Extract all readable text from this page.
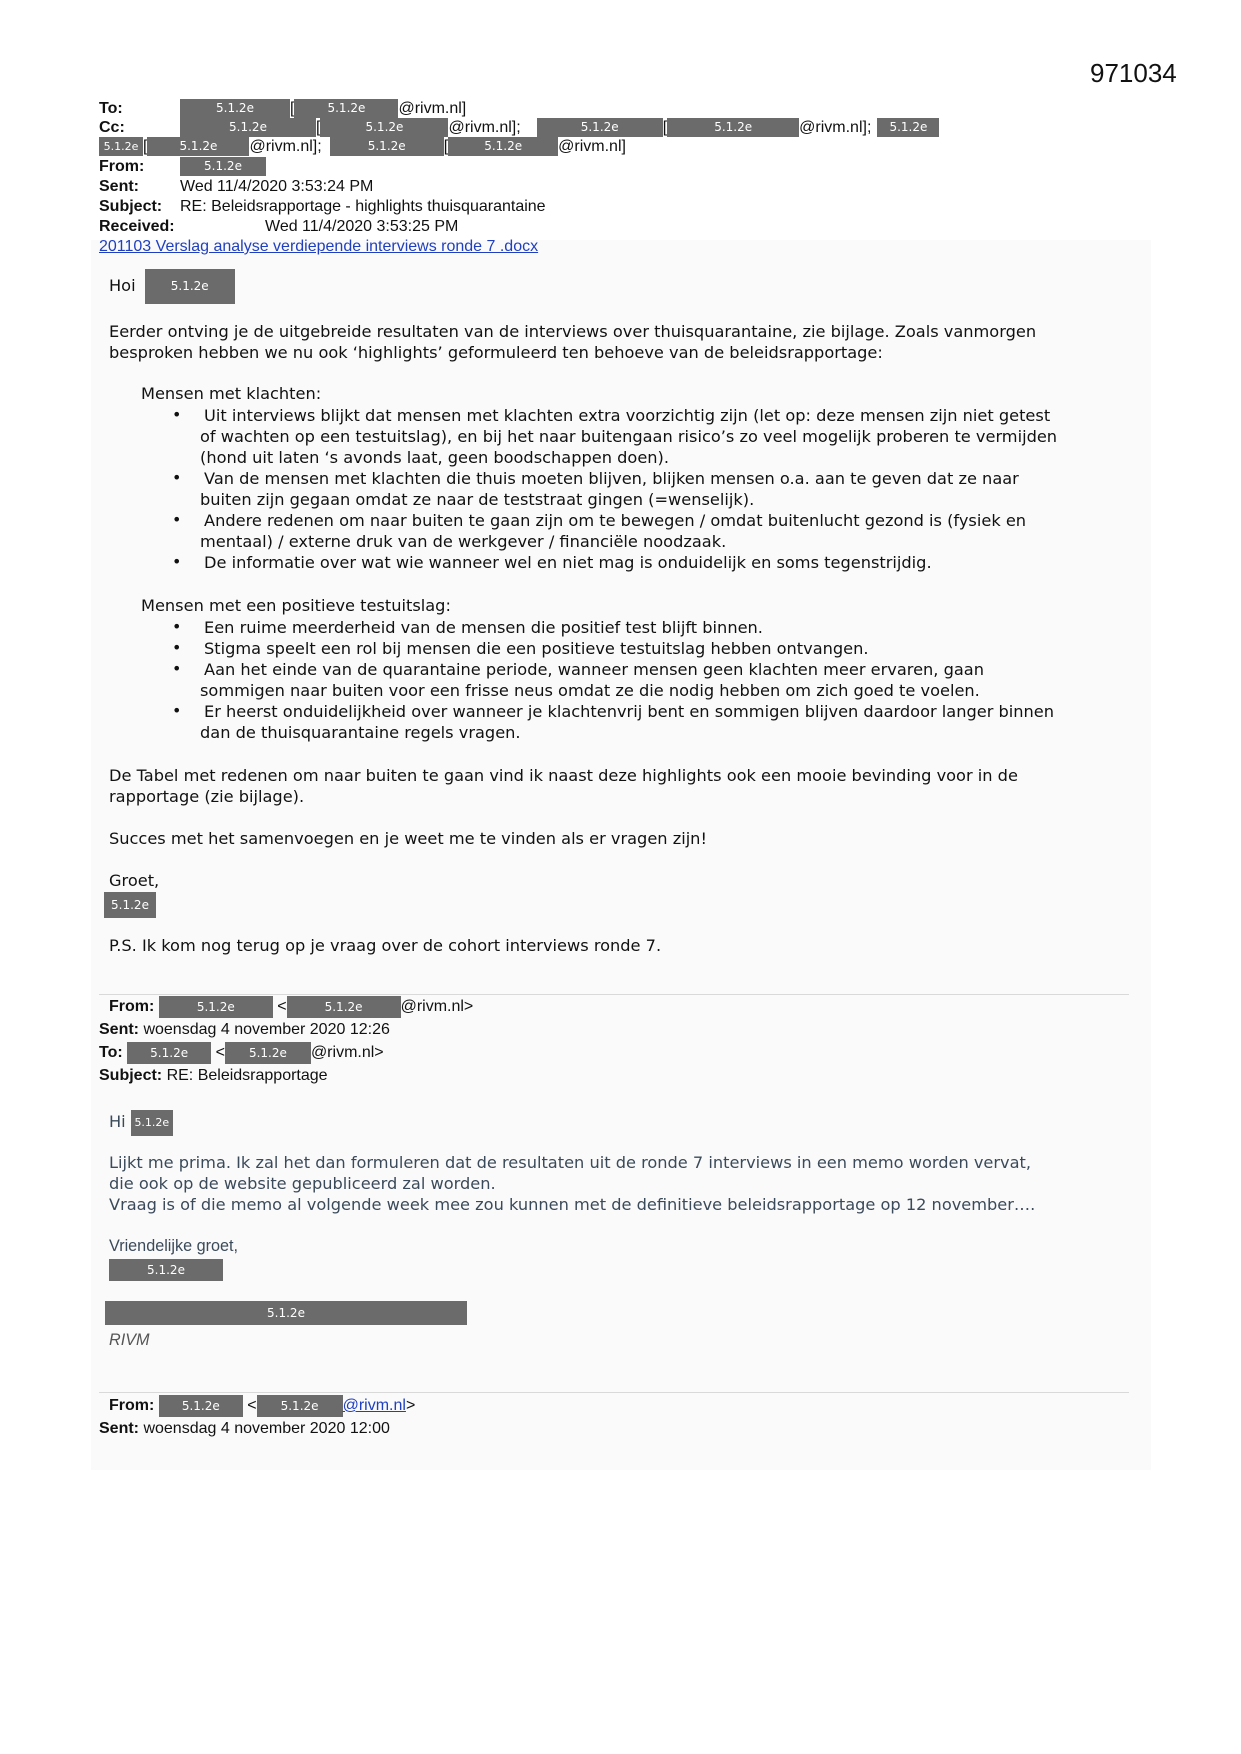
971034
To:	5.1.2e [	5.1.2e @rivm.nl]
Cc:	5.1.2e	[	5.1.2e	@rivm.nl];	5.1.2e	[	5.1.2e	@rivm.nl]; 5.1.2e
5.1.2e [	5.1.2e @rivm.nl];	5.1.2e [	5.1.2e @rivm.nl]
From:	5.1.2e
Sent:	Wed 11/4/2020 3:53:24 PM
Subject: RE: Beleidsrapportage - highlights thuisquarantaine
Received:	Wed 11/4/2020 3:53:25 PM
201103 Verslag analyse verdiepende interviews ronde 7 .docx
Hoi	5.1.2e

Eerder ontving je de uitgebreide resultaten van de interviews over thuisquarantaine, zie bijlage. Zoals vanmorgen

besproken hebben we nu ook ‘highlights’ geformuleerd ten behoeve van de beleidsrapportage:

Mensen met klachten:
• Uit interviews blijkt dat mensen met klachten extra voorzichtig zijn (let op: deze mensen zijn niet getest
of wachten op een testuitslag), en bij het naar buitengaan risico’s zo veel mogelijk proberen te vermijden
(hond uit laten ‘s avonds laat, geen boodschappen doen).
• Van de mensen met klachten die thuis moeten blijven, blijken mensen o.a. aan te geven dat ze naar
buiten zijn gegaan omdat ze naar de teststraat gingen (=wenselijk).
• Andere redenen om naar buiten te gaan zijn om te bewegen / omdat buitenlucht gezond is (fysiek en
mentaal) / externe druk van de werkgever / financiële noodzaak.
• De informatie over wat wie wanneer wel en niet mag is onduidelijk en soms tegenstrijdig.
Mensen met een positieve testuitslag:
• Een ruime meerderheid van de mensen die positief test blijft binnen.
• Stigma speelt een rol bij mensen die een positieve testuitslag hebben ontvangen.
• Aan het einde van de quarantaine periode, wanneer mensen geen klachten meer ervaren, gaan
sommigen naar buiten voor een frisse neus omdat ze die nodig hebben om zich goed te voelen.
• Er heerst onduidelijkheid over wanneer je klachtenvrij bent en sommigen blijven daardoor langer binnen
dan de thuisquarantaine regels vragen.

De Tabel met redenen om naar buiten te gaan vind ik naast deze highlights ook een mooie bevinding voor in de

rapportage (zie bijlage).

Succes met het samenvoegen en je weet me te vinden als er vragen zijn!
Groet,
5.1.2e
P.S. Ik kom nog terug op je vraag over de cohort interviews ronde 7.
From:	5.1.2e	<	5.1.2e @rivm.nl>
Sent: woensdag 4 november 2020 12:26
To: 5.1.2e < 5.1.2e @rivm.nl>
Subject: RE: Beleidsrapportage
Hi 5.1.2e

Lijkt me prima. Ik zal het dan formuleren dat de resultaten uit de ronde 7 interviews in een memo worden vervat,

die ook op de website gepubliceerd zal worden.

Vraag is of die memo al volgende week mee zou kunnen met de definitieve beleidsrapportage op 12 november….

Vriendelijke groet,
5.1.2e
5.1.2e
RIVM
From: 5.1.2e < 5.1.2e @rivm.nl>
Sent: woensdag 4 november 2020 12:00
